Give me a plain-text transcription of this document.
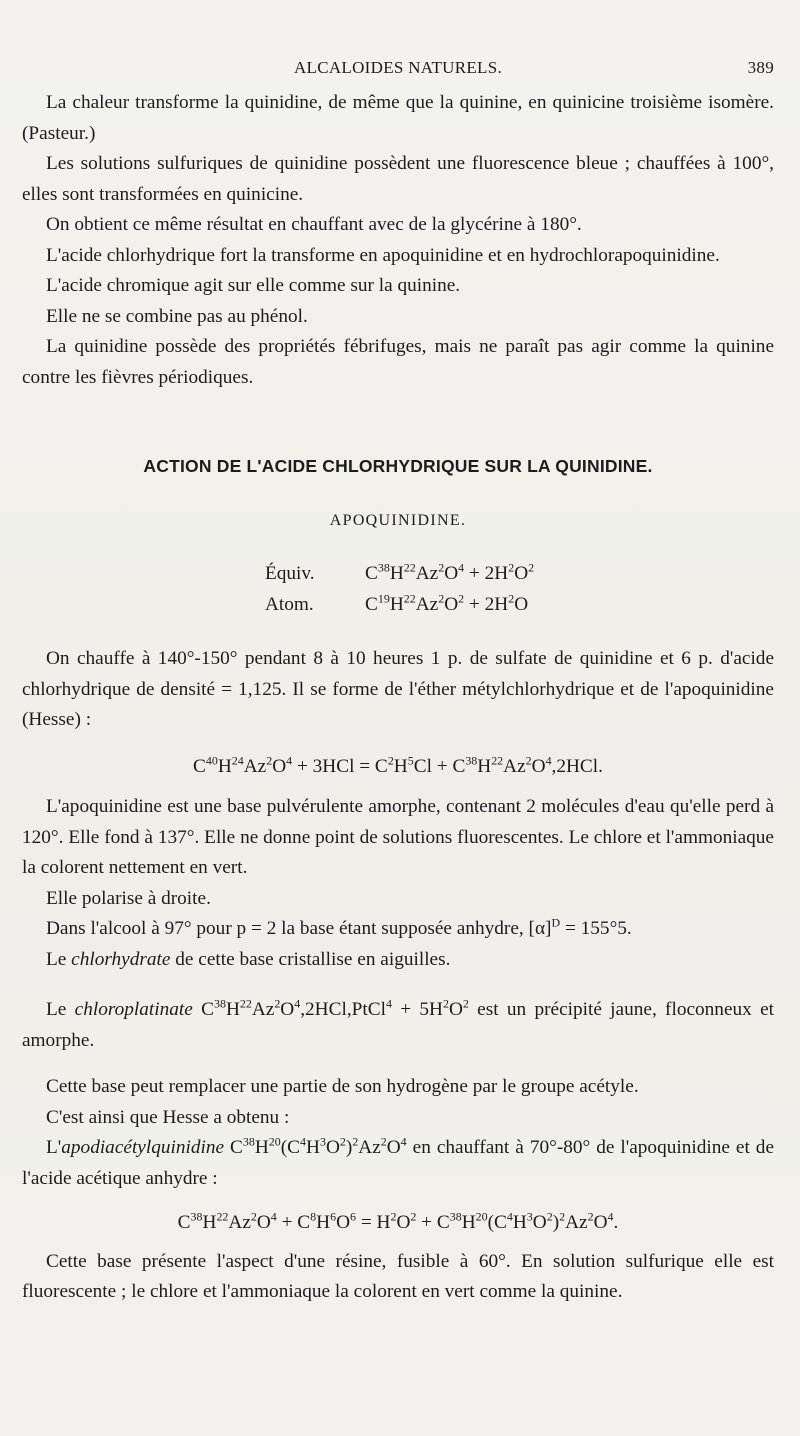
ALCALOIDES NATURELS.	389

La chaleur transforme la quinidine, de même que la quinine, en quinicine troisième isomère. (Pasteur.)

Les solutions sulfuriques de quinidine possèdent une fluorescence bleue ; chauffées à 100°, elles sont transformées en quinicine.

On obtient ce même résultat en chauffant avec de la glycérine à 180°.

L'acide chlorhydrique fort la transforme en apoquinidine et en hydrochlorapoquinidine.

L'acide chromique agit sur elle comme sur la quinine.

Elle ne se combine pas au phénol.

La quinidine possède des propriétés fébrifuges, mais ne paraît pas agir comme la quinine contre les fièvres périodiques.

ACTION DE L'ACIDE CHLORHYDRIQUE SUR LA QUINIDINE.
APOQUINIDINE.
Équiv.	$C^{38}H^{22}Az^2O^4 + 2H^2O^2$
Atom.	$C^{19}H^{22}Az^2O^2 + 2H^2O$

On chauffe à 140°-150° pendant 8 à 10 heures 1 p. de sulfate de quinidine et 6 p. d'acide chlorhydrique de densité = 1,125. Il se forme de l'éther métylchlorhydrique et de l'apoquinidine (Hesse) :

$C^{40}H^{24}Az^2O^4 + 3HCl = C^2H^5Cl + C^{38}H^{22}Az^2O^4,2HCl$.

L'apoquinidine est une base pulvérulente amorphe, contenant 2 molécules d'eau qu'elle perd à 120°. Elle fond à 137°. Elle ne donne point de solutions fluorescentes. Le chlore et l'ammoniaque la colorent nettement en vert.

Elle polarise à droite.

Dans l'alcool à 97° pour p = 2 la base étant supposée anhydre, $[\alpha]^D = 155^\circ 5$.

Le chlorhydrate de cette base cristallise en aiguilles.

Le chloroplatinate $C^{38}H^{22}Az^2O^4,2HCl,PtCl^4 + 5H^2O^2$ est un précipité jaune, floconneux et amorphe.

Cette base peut remplacer une partie de son hydrogène par le groupe acétyle.

C'est ainsi que Hesse a obtenu :

L'apodiacétylquinidine $C^{38}H^{20}(C^4H^3O^2)^2Az^2O^4$ en chauffant à 70°-80° de l'apoquinidine et de l'acide acétique anhydre :

$C^{38}H^{22}Az^2O^4 + C^8H^6O^6 = H^2O^2 + C^{38}H^{20}(C^4H^3O^2)^2Az^2O^4$.

Cette base présente l'aspect d'une résine, fusible à 60°. En solution sulfurique elle est fluorescente ; le chlore et l'ammoniaque la colorent en vert comme la quinine.
